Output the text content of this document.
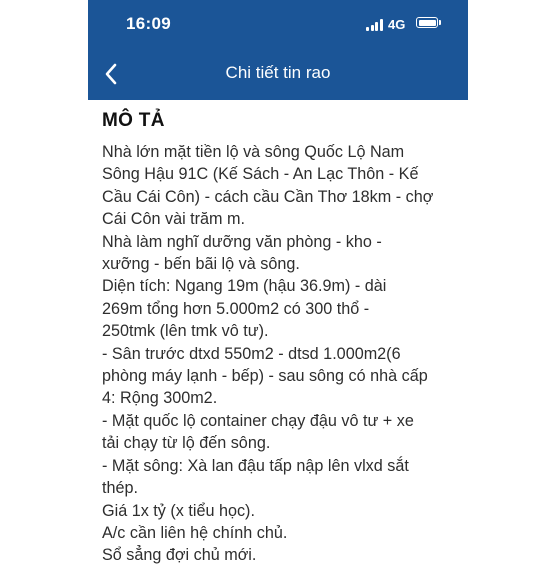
16:09	4G
Chi tiết tin rao
MÔ TẢ
Nhà lớn mặt tiền lộ và sông Quốc Lộ Nam
Sông Hậu 91C (Kế Sách - An Lạc Thôn - Kế
Cầu Cái Côn) - cách cầu Cần Thơ 18km - chợ
Cái Côn vài trăm m.
Nhà làm nghĩ dưỡng văn phòng - kho -
xưỡng - bến bãi lộ và sông.
Diện tích: Ngang 19m (hậu 36.9m) - dài
269m tổng hơn 5.000m2 có 300 thổ -
250tmk (lên tmk vô tư).
- Sân trước dtxd 550m2 - dtsd 1.000m2(6
phòng máy lạnh - bếp) - sau sông có nhà cấp
4: Rộng 300m2.
- Mặt quốc lộ container chạy đậu vô tư + xe
tải chạy từ lộ đến sông.
- Mặt sông: Xà lan đậu tấp nập lên vlxd sắt
thép.
Giá 1x tỷ (x tiểu học).
A/c cần liên hệ chính chủ.
Sổ sẳng đợi chủ mới.
